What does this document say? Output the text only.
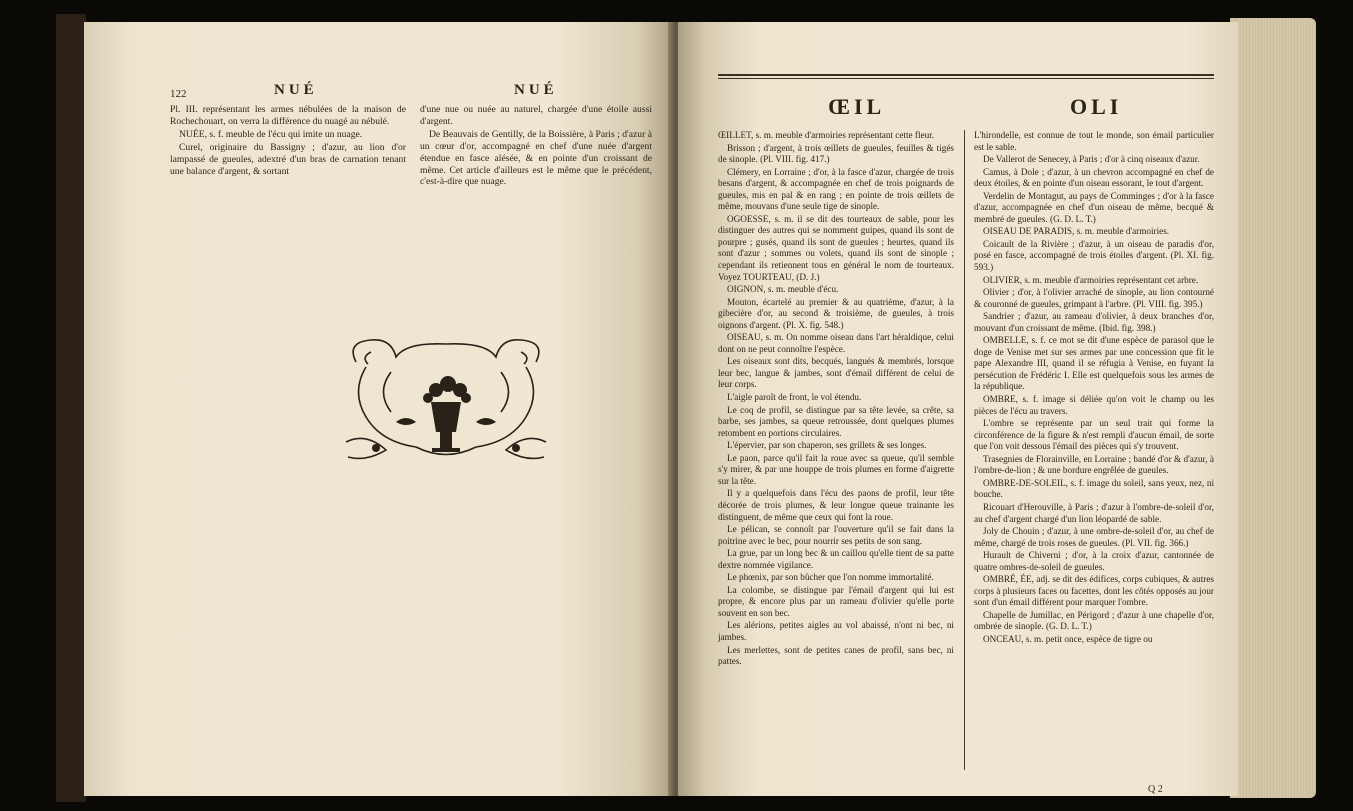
122	NUÉ	NUÉ

Pl. III. représentant les armes nébulées de la maison de Rochechouart, on verra la différence du nuagé au nébulé.

NUÉE, s. f. meuble de l'écu qui imite un nuage.

Curel, originaire du Bassigny ; d'azur, au lion d'or lampassé de gueules, adextré d'un bras de carnation tenant une balance d'argent, & sortant

d'une nue ou nuée au naturel, chargée d'une étoile aussi d'argent.

De Beauvais de Gentilly, de la Boissière, à Paris ; d'azur à un cœur d'or, accompagné en chef d'une nuée d'argent étendue en fasce alésée, & en pointe d'un croissant de même. Cet article d'ailleurs est le même que le précédent, c'est-à-dire que nuage.

ŒIL	OLI

ŒILLET, s. m. meuble d'armoiries représentant cette fleur.

Brisson ; d'argent, à trois œillets de gueules, feuilles & tigés de sinople. (Pl. VIII. fig. 417.)

Clémery, en Lorraine ; d'or, à la fasce d'azur, chargée de trois besans d'argent, & accompagnée en chef de trois poignards de gueules, mis en pal & en rang ; en pointe de trois œillets de même, mouvans d'une seule tige de sinople.

OGOESSE, s. m. il se dit des tourteaux de sable, pour les distinguer des autres qui se nomment guipes, quand ils sont de pourpre ; gusés, quand ils sont de gueules ; heurtes, quand ils sont d'azur ; sommes ou volets, quand ils sont de sinople ; cependant ils retiennent tous en général le nom de tourteaux. Voyez TOURTEAU, (D. J.)

OIGNON, s. m. meuble d'écu.

Mouton, écartelé au premier & au quatrième, d'azur, à la gibecière d'or, au second & troisième, de gueules, à trois oignons d'argent. (Pl. X. fig. 548.)

OISEAU, s. m. On nomme oiseau dans l'art héraldique, celui dont on ne peut connoître l'espèce.

Les oiseaux sont dits, becqués, langués & membrés, lorsque leur bec, langue & jambes, sont d'émail différent de celui de leur corps.

L'aigle paroît de front, le vol étendu.

Le coq de profil, se distingue par sa tête levée, sa crête, sa barbe, ses jambes, sa queue retroussée, dont quelques plumes retombent en portions circulaires.

L'épervier, par son chaperon, ses grillets & ses longes.

Le paon, parce qu'il fait la roue avec sa queue, qu'il semble s'y mirer, & par une houppe de trois plumes en forme d'aigrette sur la tête.

Il y a quelquefois dans l'écu des paons de profil, leur tête décorée de trois plumes, & leur longue queue trainante les distinguent, de même que ceux qui font la roue.

Le pélican, se connoît par l'ouverture qu'il se fait dans la poitrine avec le bec, pour nourrir ses petits de son sang.

La grue, par un long bec & un caillou qu'elle tient de sa patte dextre nommée vigilance.

Le phœnix, par son bûcher que l'on nomme immortalité.

La colombe, se distingue par l'émail d'argent qui lui est propre, & encore plus par un rameau d'olivier qu'elle porte souvent en son bec.

Les alérions, petites aigles au vol abaissé, n'ont ni bec, ni jambes.

Les merlettes, sont de petites canes de profil, sans bec, ni pattes.

L'hirondelle, est connue de tout le monde, son émail particulier est le sable.

De Vallerot de Senecey, à Paris ; d'or à cinq oiseaux d'azur.

Camus, à Dole ; d'azur, à un chevron accompagné en chef de deux étoiles, & en pointe d'un oiseau essorant, le tout d'argent.

Verdelin de Montagut, au pays de Comminges ; d'or à la fasce d'azur, accompagnée en chef d'un oiseau de même, becqué & membré de gueules. (G. D. L. T.)

OISEAU DE PARADIS, s. m. meuble d'armoiries.

Coicault de la Rivière ; d'azur, à un oiseau de paradis d'or, posé en fasce, accompagné de trois étoiles d'argent. (Pl. XI. fig. 593.)

OLIVIER, s. m. meuble d'armoiries représentant cet arbre.

Olivier ; d'or, à l'olivier arraché de sinople, au lion contourné & couronné de gueules, grimpant à l'arbre. (Pl. VIII. fig. 395.)

Sandrier ; d'azur, au rameau d'olivier, à deux branches d'or, mouvant d'un croissant de même. (Ibid. fig. 398.)

OMBELLE, s. f. ce mot se dit d'une espèce de parasol que le doge de Venise met sur ses armes par une concession que fit le pape Alexandre III, quand il se réfugia à Venise, en fuyant la persécution de Frédéric I. Elle est quelquefois sous les armes de la république.

OMBRE, s. f. image si déliée qu'on voit le champ ou les pièces de l'écu au travers.

L'ombre se représente par un seul trait qui forme la circonférence de la figure & n'est rempli d'aucun émail, de sorte que l'on voit dessous l'émail des pièces qui s'y trouvent.

Trasegnies de Florainville, en Lorraine ; bandé d'or & d'azur, à l'ombre-de-lion ; & une bordure engrêlée de gueules.

OMBRE-DE-SOLEIL, s. f. image du soleil, sans yeux, nez, ni bouche.

Ricouart d'Herouville, à Paris ; d'azur à l'ombre-de-soleil d'or, au chef d'argent chargé d'un lion léopardé de sable.

Joly de Chouin ; d'azur, à une ombre-de-soleil d'or, au chef de même, chargé de trois roses de gueules. (Pl. VII. fig. 366.)

Hurault de Chiverni ; d'or, à la croix d'azur, cantonnée de quatre ombres-de-soleil de gueules.

OMBRÉ, ÉE, adj. se dit des édifices, corps cubiques, & autres corps à plusieurs faces ou facettes, dont les côtés opposés au jour sont d'un émail différent pour marquer l'ombre.

Chapelle de Jumillac, en Périgord ; d'azur à une chapelle d'or, ombrée de sinople. (G. D. L. T.)

ONCEAU, s. m. petit once, espèce de tigre ou

Q 2
